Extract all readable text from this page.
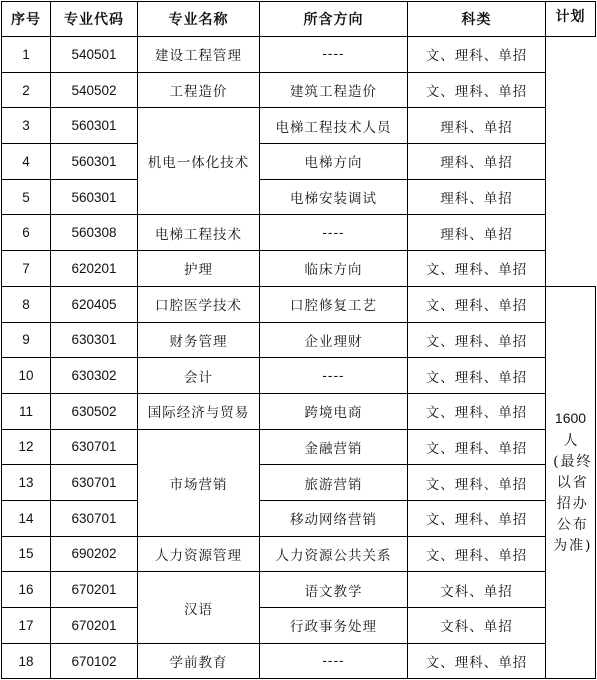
序号	专业代码	专业名称	所含方向	科类	计划	
1	540501	建设工程管理	----	文、理科、单招		
2	540502	工程造价	建筑工程造价	文、理科、单招		
3	560301	机电一体化技术	电梯工程技术人员	理科、单招		
4	560301		电梯方向	理科、单招		
5	560301		电梯安装调试	理科、单招		
6	560308	电梯工程技术	----	理科、单招		
7	620201	护理	临床方向	文、理科、单招		
8	620405	口腔医学技术	口腔修复工艺	文、理科、单招	1600 人
(最终以省招办公布为准)	

9	630301	财务管理	企业理财	文、理科、单招		
10	630302	会计	----	文、理科、单招		
11	630502	国际经济与贸易	跨境电商	文、理科、单招		
12	630701	市场营销	金融营销	文、理科、单招		
13	630701		旅游营销	文、理科、单招		
14	630701		移动网络营销	文、理科、单招		
15	690202	人力资源管理	人力资源公共关系	文、理科、单招		
16	670201	汉语	语文教学	文科、单招		
17	670201		行政事务处理	文科、单招		
18	670102	学前教育	----	文、理科、单招		
